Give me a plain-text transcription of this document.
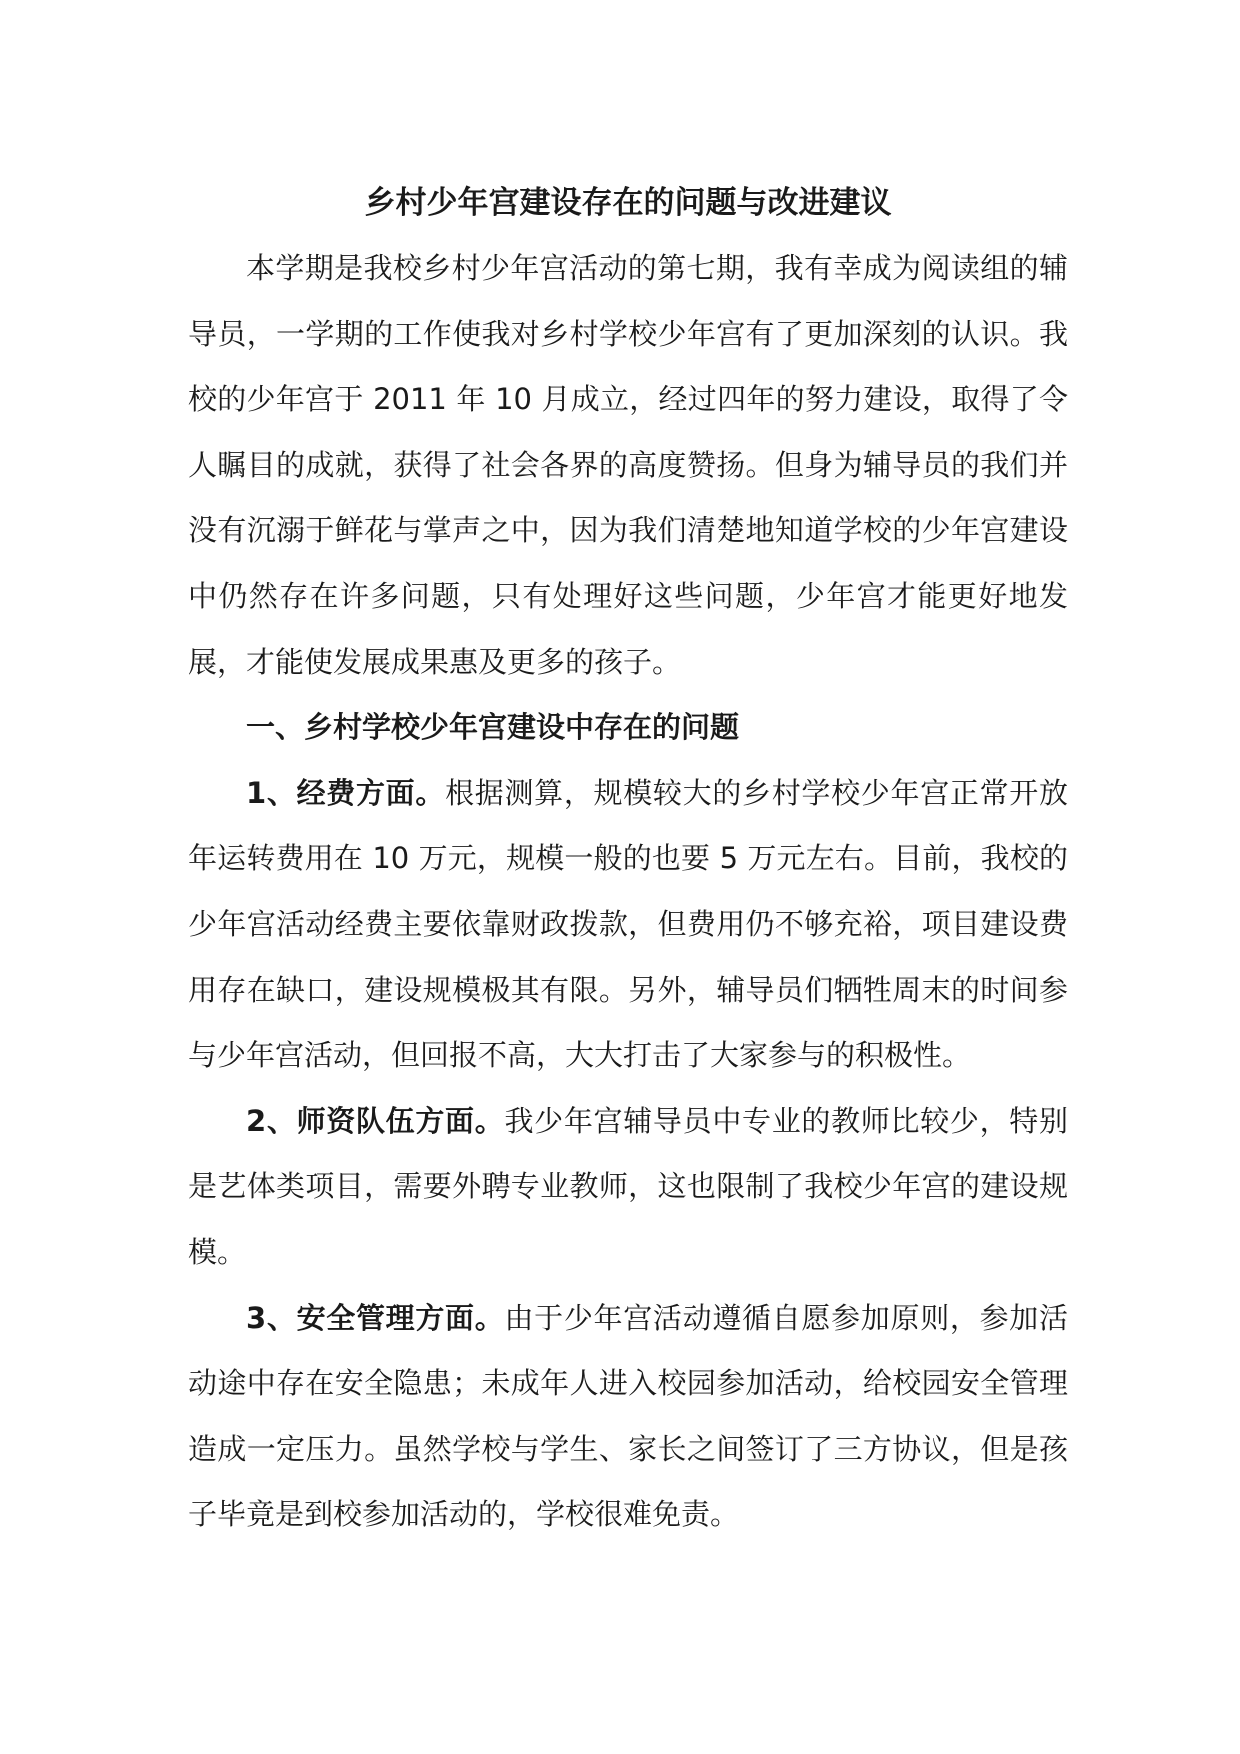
乡村少年宫建设存在的问题与改进建议

本学期是我校乡村少年宫活动的第七期，我有幸成为阅读组的辅导员，一学期的工作使我对乡村学校少年宫有了更加深刻的认识。我校的少年宫于 2011 年 10 月成立，经过四年的努力建设，取得了令人瞩目的成就，获得了社会各界的高度赞扬。但身为辅导员的我们并没有沉溺于鲜花与掌声之中，因为我们清楚地知道学校的少年宫建设中仍然存在许多问题，只有处理好这些问题，少年宫才能更好地发展，才能使发展成果惠及更多的孩子。

一、乡村学校少年宫建设中存在的问题

1、经费方面。根据测算，规模较大的乡村学校少年宫正常开放年运转费用在 10 万元，规模一般的也要 5 万元左右。目前，我校的少年宫活动经费主要依靠财政拨款，但费用仍不够充裕，项目建设费用存在缺口，建设规模极其有限。另外，辅导员们牺牲周末的时间参与少年宫活动，但回报不高，大大打击了大家参与的积极性。

2、师资队伍方面。我少年宫辅导员中专业的教师比较少，特别是艺体类项目，需要外聘专业教师，这也限制了我校少年宫的建设规模。

3、安全管理方面。由于少年宫活动遵循自愿参加原则，参加活动途中存在安全隐患；未成年人进入校园参加活动，给校园安全管理造成一定压力。虽然学校与学生、家长之间签订了三方协议，但是孩子毕竟是到校参加活动的，学校很难免责。
